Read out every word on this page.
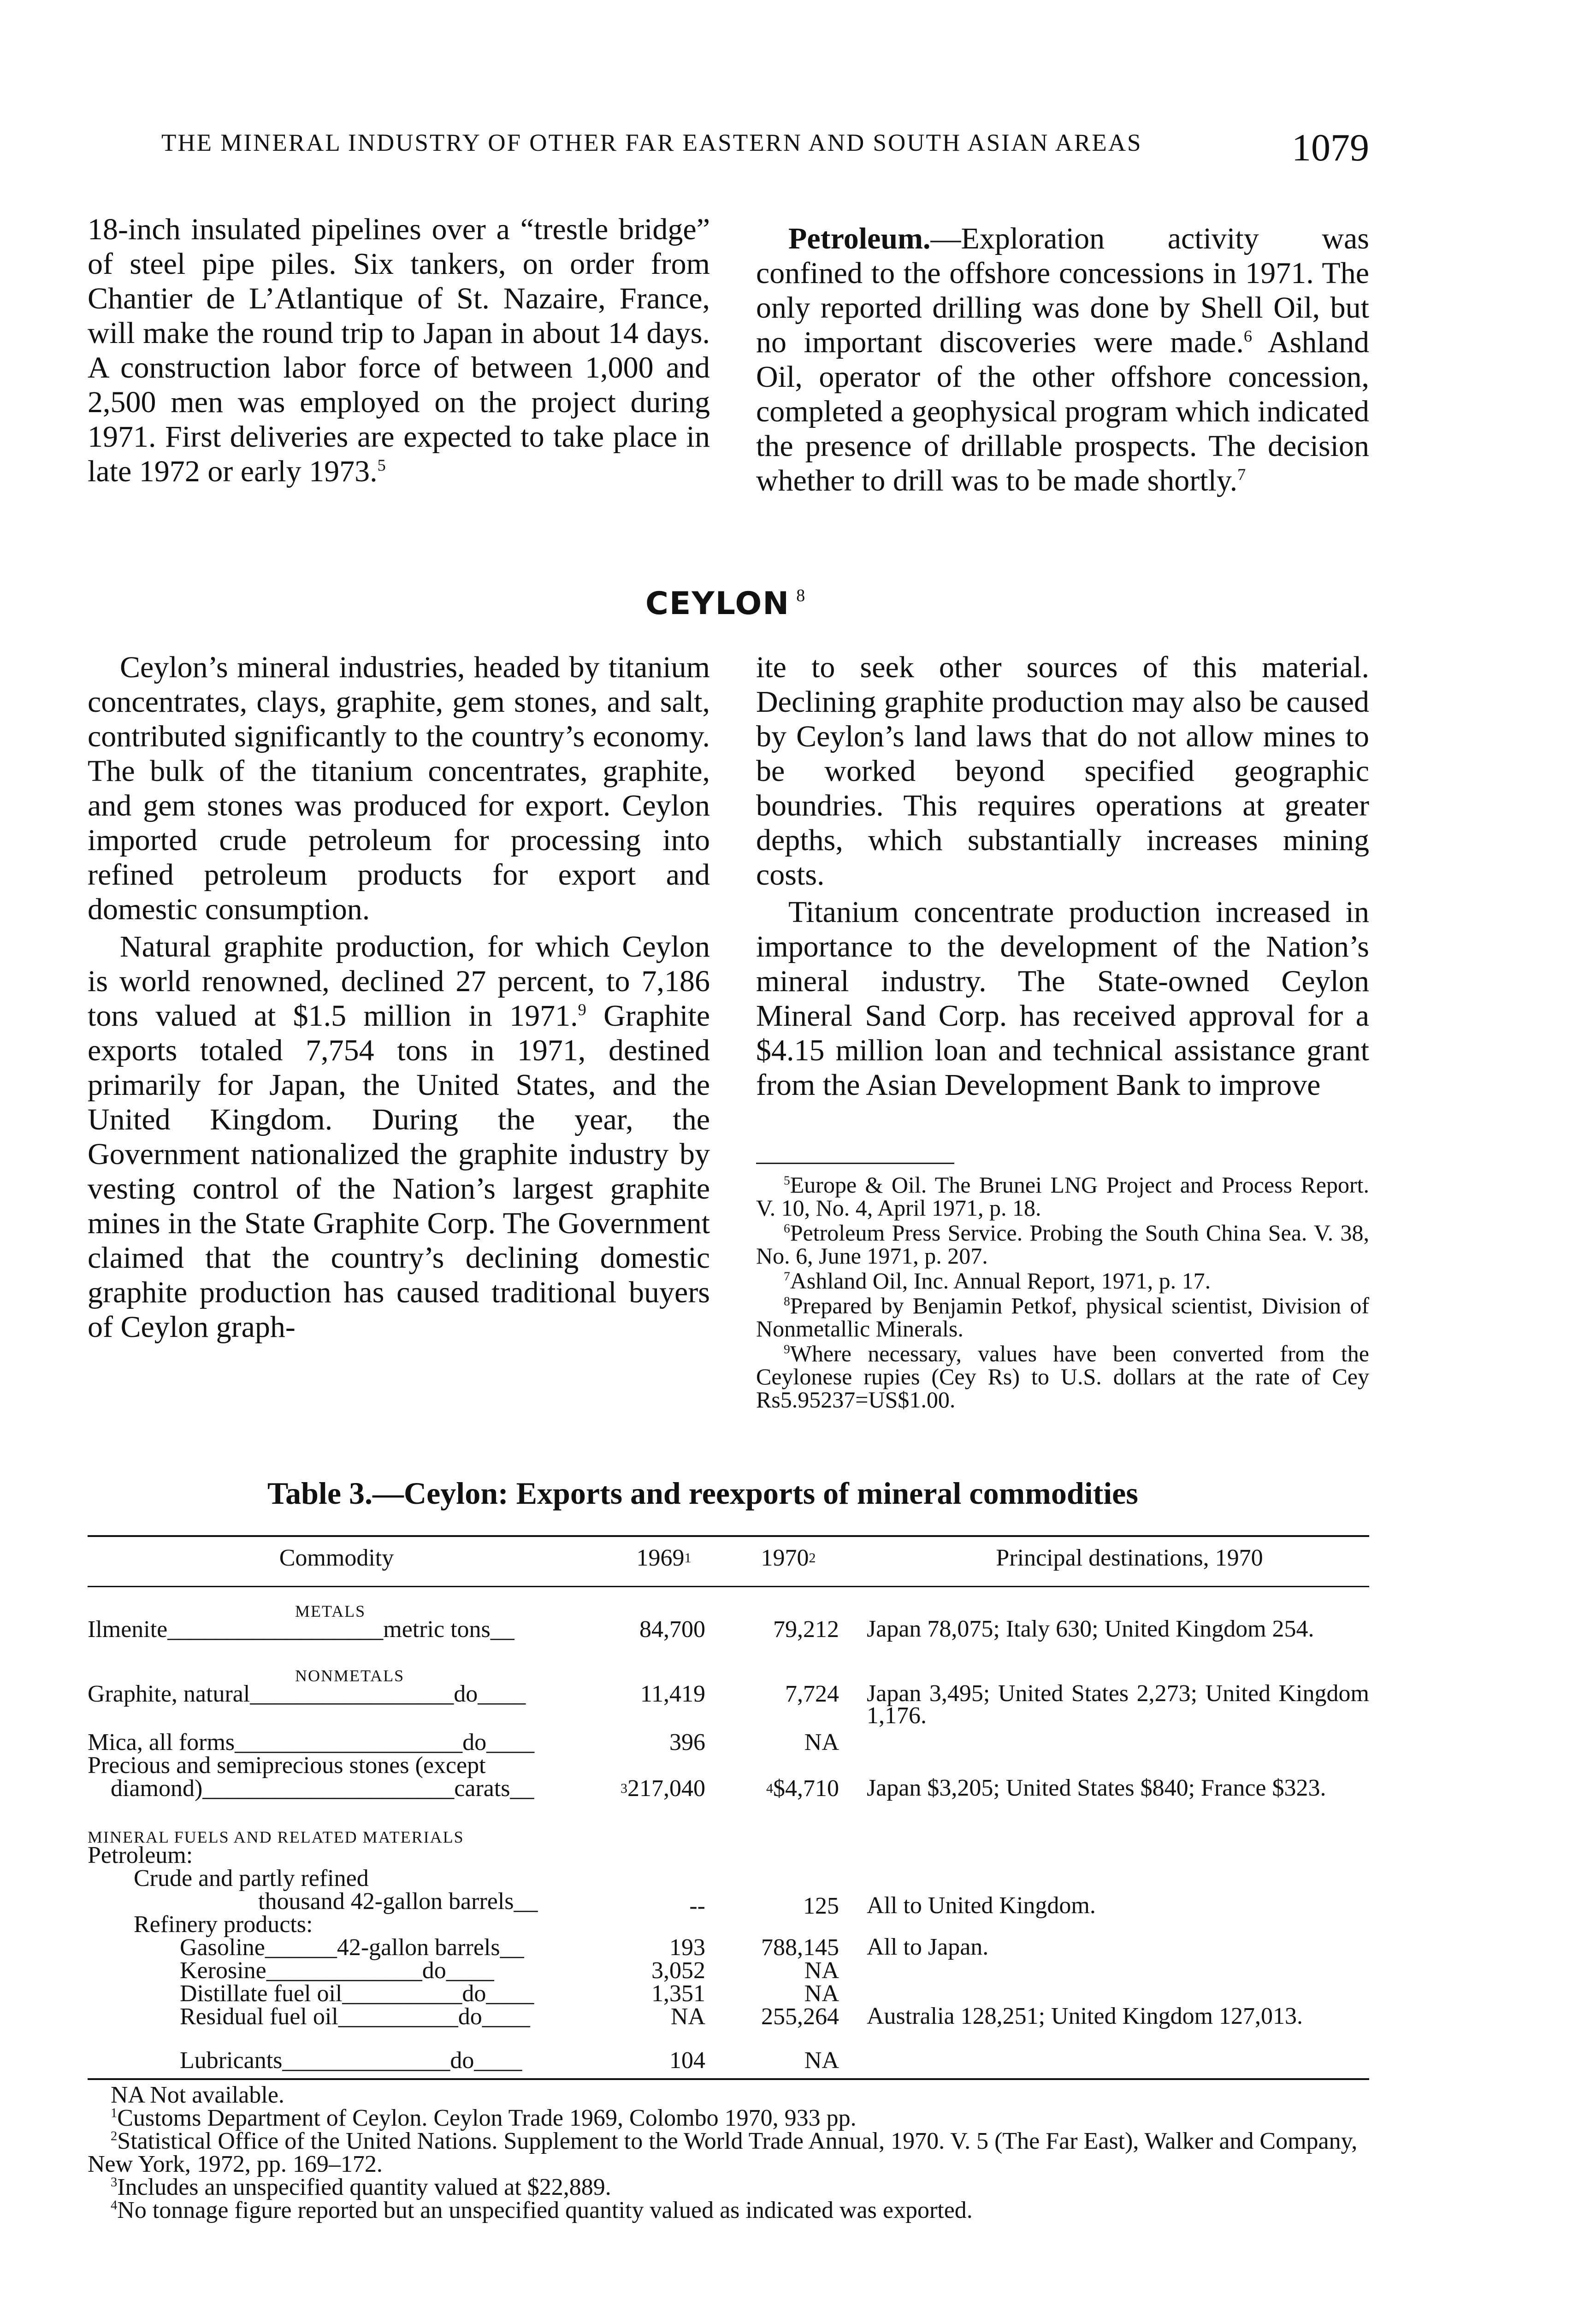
THE MINERAL INDUSTRY OF OTHER FAR EASTERN AND SOUTH ASIAN AREAS	1079

18-inch insulated pipelines over a “trestle bridge” of steel pipe piles. Six tankers, on order from Chantier de L’Atlantique of St. Nazaire, France, will make the round trip to Japan in about 14 days. A construction labor force of between 1,000 and 2,500 men was employed on the project during 1971. First deliveries are expected to take place in late 1972 or early 1973.$^5$

Petroleum.—Exploration activity was confined to the offshore concessions in 1971. The only reported drilling was done by Shell Oil, but no important discoveries were made.$^6$ Ashland Oil, operator of the other offshore concession, completed a geophysical program which indicated the presence of drillable prospects. The decision whether to drill was to be made shortly.$^7$

CEYLON $^8$

Ceylon’s mineral industries, headed by titanium concentrates, clays, graphite, gem stones, and salt, contributed significantly to the country’s economy. The bulk of the titanium concentrates, graphite, and gem stones was produced for export. Ceylon imported crude petroleum for processing into refined petroleum products for export and domestic consumption.

Natural graphite production, for which Ceylon is world renowned, declined 27 percent, to 7,186 tons valued at $1.5 million in 1971.$^9$ Graphite exports totaled 7,754 tons in 1971, destined primarily for Japan, the United States, and the United Kingdom. During the year, the Government nationalized the graphite industry by vesting control of the Nation’s largest graphite mines in the State Graphite Corp. The Government claimed that the country’s declining domestic graphite production has caused traditional buyers of Ceylon graph-

ite to seek other sources of this material. Declining graphite production may also be caused by Ceylon’s land laws that do not allow mines to be worked beyond specified geographic boundries. This requires operations at greater depths, which substantially increases mining costs.

Titanium concentrate production increased in importance to the development of the Nation’s mineral industry. The State-owned Ceylon Mineral Sand Corp. has received approval for a $4.15 million loan and technical assistance grant from the Asian Development Bank to improve

$^5$Europe & Oil. The Brunei LNG Project and Process Report. V. 10, No. 4, April 1971, p. 18.

$^6$Petroleum Press Service. Probing the South China Sea. V. 38, No. 6, June 1971, p. 207.

$^7$Ashland Oil, Inc. Annual Report, 1971, p. 17.

$^8$Prepared by Benjamin Petkof, physical scientist, Division of Nonmetallic Minerals.

$^9$Where necessary, values have been converted from the Ceylonese rupies (Cey Rs) to U.S. dollars at the rate of Cey Rs5.95237=US$1.00.

Table 3.—Ceylon: Exports and reexports of mineral commodities
Commodity	1969$^1$	1970$^2$	Principal destinations, 1970
METALS
Ilmenite__________________metric tons__	84,700	79,212 Japan 78,075; Italy 630; United Kingdom 254.
NONMETALS
Graphite, natural_________________do____	11,419	7,724 Japan 3,495; United States 2,273; United Kingdom 1,176.
Mica, all forms___________________do____	396	NA
Precious and semiprecious stones (except
diamond)_____________________carats__	$^3$217,040	$^4$\$4,710 Japan $3,205; United States $840; France $323.
MINERAL FUELS AND RELATED MATERIALS
Petroleum:
Crude and partly refined
thousand 42-gallon barrels__	--	125 All to United Kingdom.
Refinery products:
Gasoline______42-gallon barrels__	193	788,145 All to Japan.
Kerosine_____________do____	3,052	NA
Distillate fuel oil__________do____	1,351	NA
Residual fuel oil__________do____	NA	255,264 Australia 128,251; United Kingdom 127,013.
Lubricants______________do____	104	NA

NA Not available.

$^1$Customs Department of Ceylon. Ceylon Trade 1969, Colombo 1970, 933 pp.

$^2$Statistical Office of the United Nations. Supplement to the World Trade Annual, 1970. V. 5 (The Far East), Walker and Company, New York, 1972, pp. 169–172.

$^3$Includes an unspecified quantity valued at $22,889.

$^4$No tonnage figure reported but an unspecified quantity valued as indicated was exported.
